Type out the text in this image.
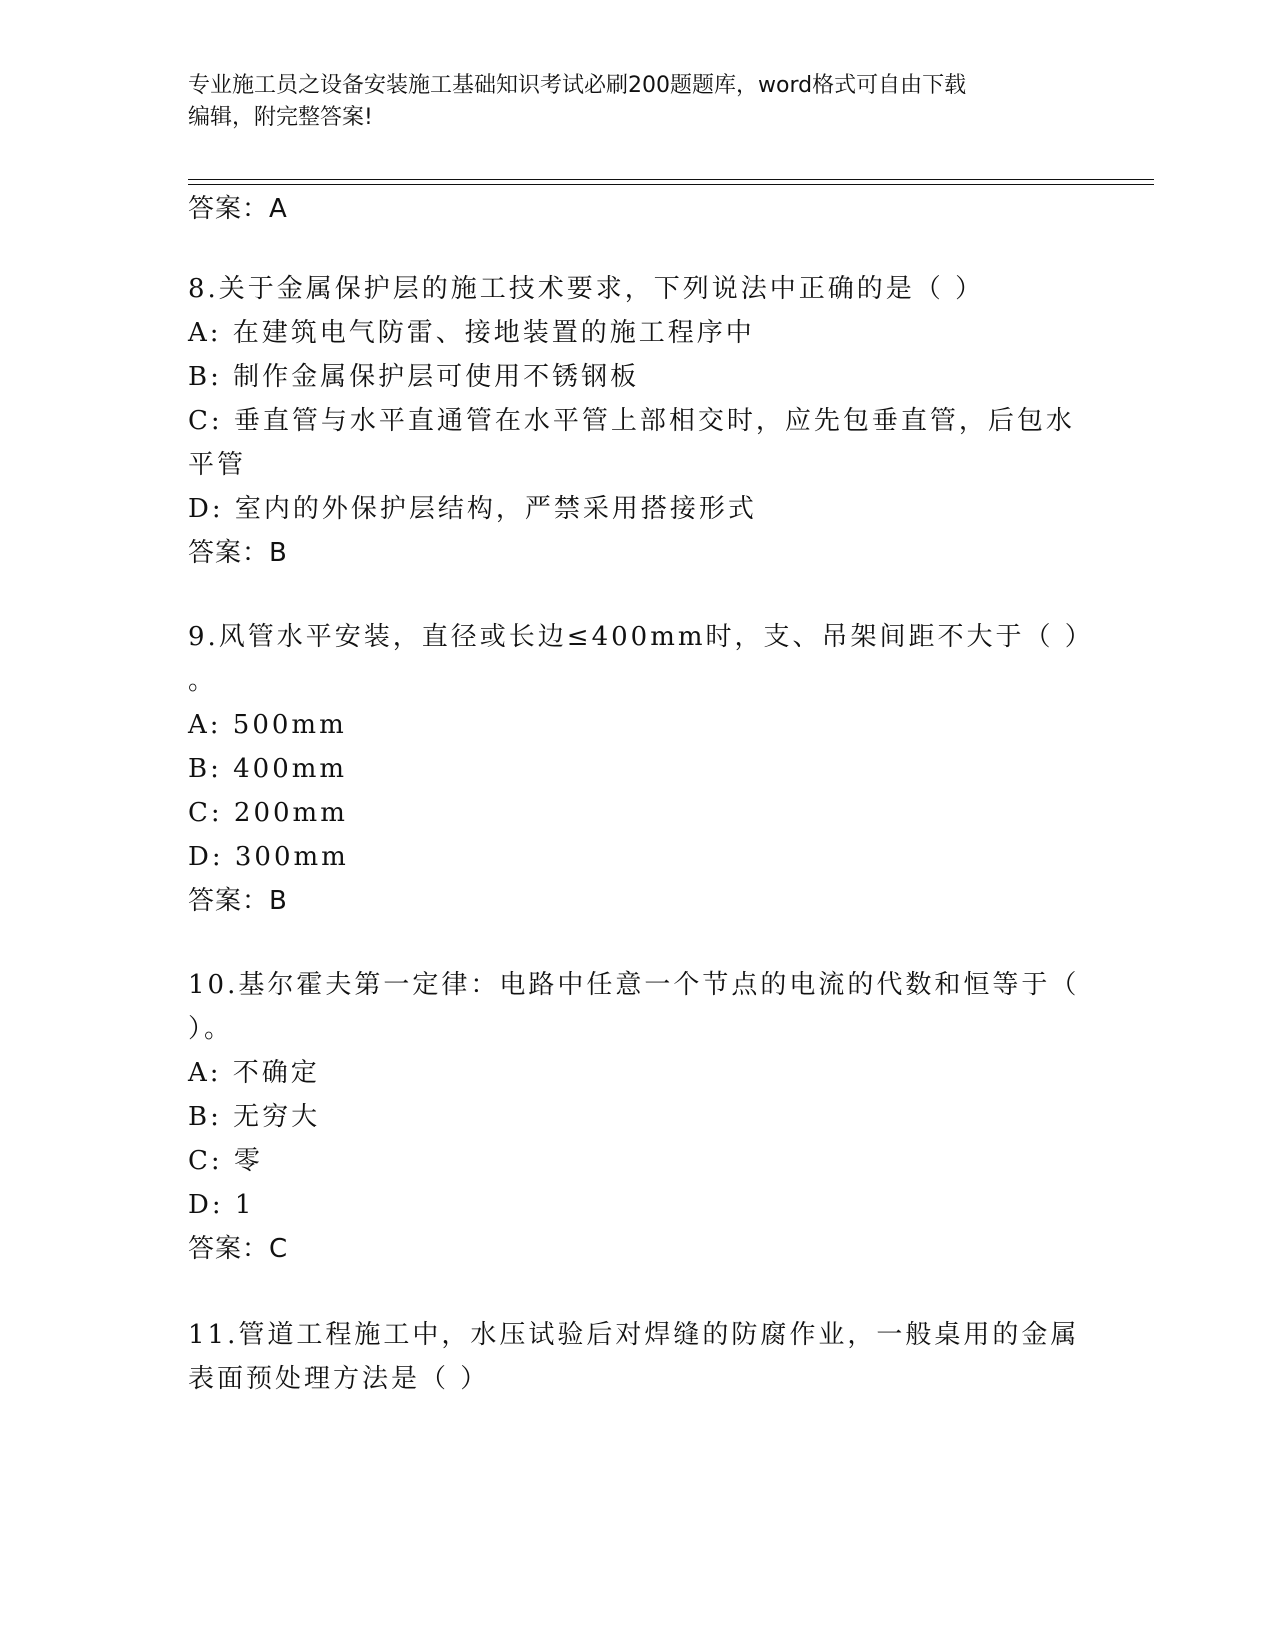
专业施工员之设备安装施工基础知识考试必刷200题题库，word格式可自由下载
编辑，附完整答案!
答案：A
8.关于金属保护层的施工技术要求，下列说法中正确的是（ ）
A: 在建筑电气防雷、接地装置的施工程序中
B: 制作金属保护层可使用不锈钢板
C: 垂直管与水平直通管在水平管上部相交时，应先包垂直管，后包水
平管
D: 室内的外保护层结构，严禁采用搭接形式
答案：B
9.风管水平安装，直径或长边≤400mm时，支、吊架间距不大于（ ）
。
A: 500mm
B: 400mm
C: 200mm
D: 300mm
答案：B
10.基尔霍夫第一定律：电路中任意一个节点的电流的代数和恒等于（
）。
A: 不确定
B: 无穷大
C: 零
D: 1
答案：C
11.管道工程施工中，水压试验后对焊缝的防腐作业，一般桌用的金属
表面预处理方法是（ ）
